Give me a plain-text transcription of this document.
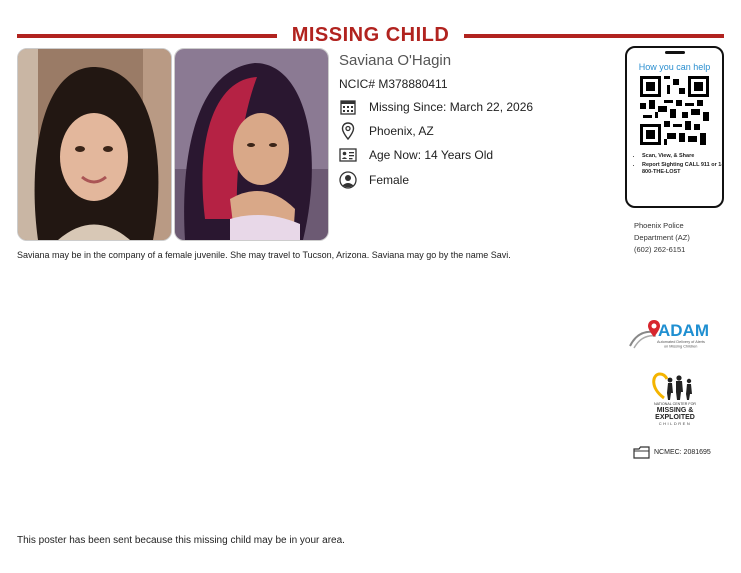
MISSING CHILD
Saviana O'Hagin
NCIC# M378880411
Missing Since: March 22, 2026
Phoenix, AZ
Age Now: 14 Years Old
Female
Saviana may be in the company of a female juvenile. She may travel to Tucson, Arizona. Saviana may go by the name Savi.
How you can help
• Scan, View, & Share
• Report Sighting CALL 911 or 1-800-THE-LOST
Phoenix Police
Department (AZ)
(602) 262-6151
ADAM
Automated Delivery of Alerts
on Missing Children
NATIONAL CENTER FOR
MISSING &
EXPLOITED
CHILDREN
NCMEC: 2081695
This poster has been sent because this missing child may be in your area.
